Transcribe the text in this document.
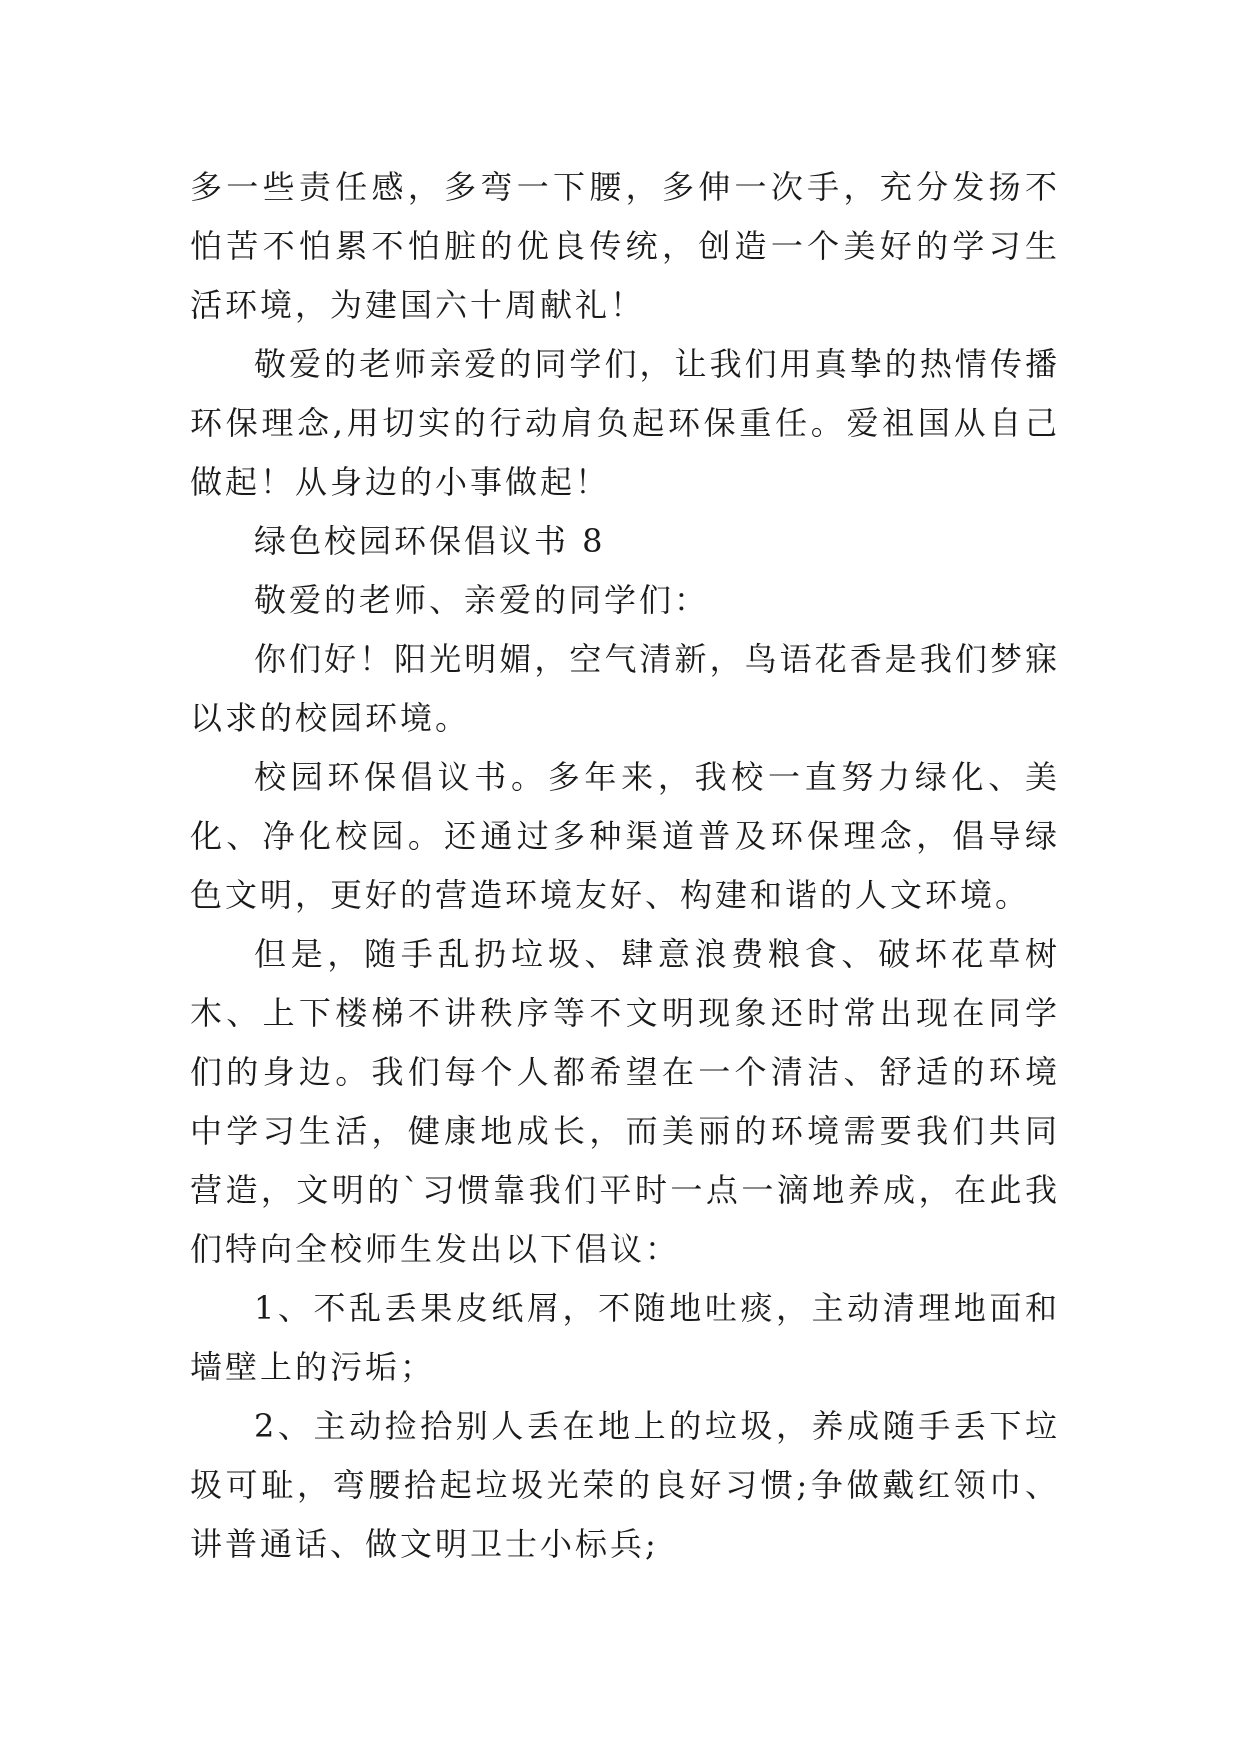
多一些责任感，多弯一下腰，多伸一次手，充分发扬不怕苦不怕累不怕脏的优良传统，创造一个美好的学习生活环境，为建国六十周献礼！

敬爱的老师亲爱的同学们，让我们用真挚的热情传播环保理念,用切实的行动肩负起环保重任。爱祖国从自己做起！从身边的小事做起！

绿色校园环保倡议书 8

敬爱的老师、亲爱的同学们：

你们好！阳光明媚，空气清新，鸟语花香是我们梦寐以求的校园环境。

校园环保倡议书。多年来，我校一直努力绿化、美化、净化校园。还通过多种渠道普及环保理念，倡导绿色文明，更好的营造环境友好、构建和谐的人文环境。

但是，随手乱扔垃圾、肆意浪费粮食、破坏花草树木、上下楼梯不讲秩序等不文明现象还时常出现在同学们的身边。我们每个人都希望在一个清洁、舒适的环境中学习生活，健康地成长，而美丽的环境需要我们共同营造，文明的`习惯靠我们平时一点一滴地养成，在此我们特向全校师生发出以下倡议：

1、不乱丢果皮纸屑，不随地吐痰，主动清理地面和墙壁上的污垢；

2、主动捡拾别人丢在地上的垃圾，养成随手丢下垃圾可耻，弯腰拾起垃圾光荣的良好习惯;争做戴红领巾、讲普通话、做文明卫士小标兵;
